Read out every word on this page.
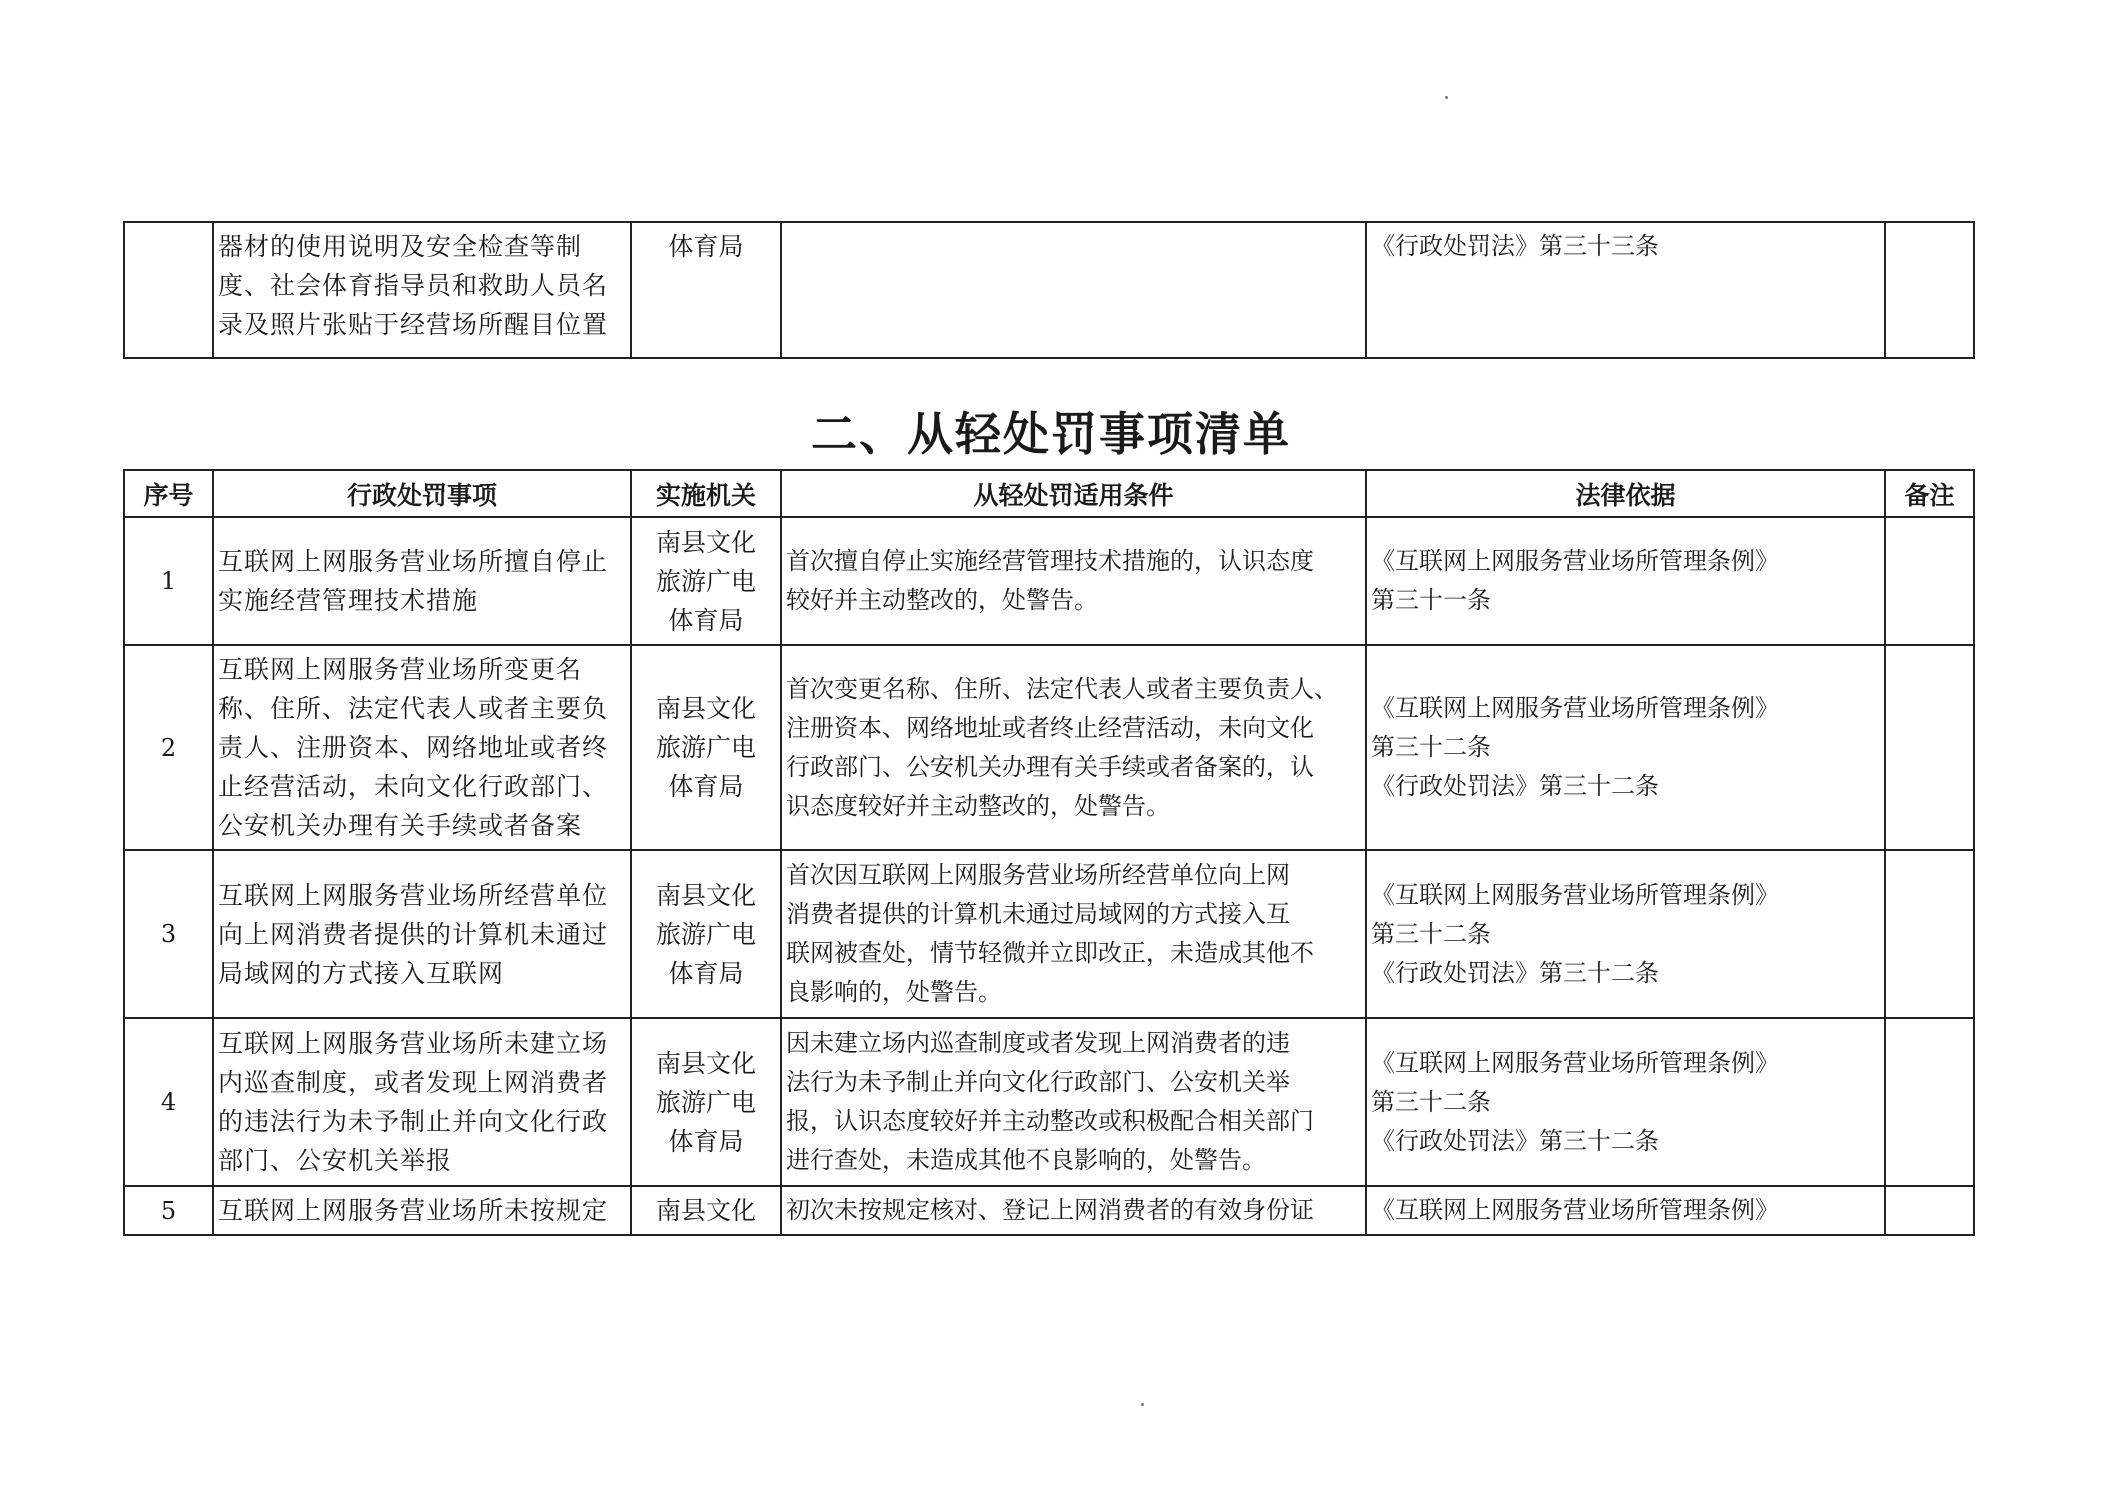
器材的使用说明及安全检查等制
度、社会体育指导员和救助人员名
录及照片张贴于经营场所醒目位置
	体育局		《行政处罚法》第三十三条	
二、从轻处罚事项清单
序号	行政处罚事项	实施机关	从轻处罚适用条件	法律依据	备注
1	互联网上网服务营业场所擅自停止
实施经营管理技术措施	南县文化
旅游广电
体育局	首次擅自停止实施经营管理技术措施的，认识态度
较好并主动整改的，处警告。	《互联网上网服务营业场所管理条例》
第三十一条	

2	互联网上网服务营业场所变更名
称、住所、法定代表人或者主要负
责人、注册资本、网络地址或者终
止经营活动，未向文化行政部门、
公安机关办理有关手续或者备案	南县文化
旅游广电
体育局	首次变更名称、住所、法定代表人或者主要负责人、
注册资本、网络地址或者终止经营活动，未向文化
行政部门、公安机关办理有关手续或者备案的，认
识态度较好并主动整改的，处警告。	《互联网上网服务营业场所管理条例》
第三十二条
《行政处罚法》第三十二条	

3	互联网上网服务营业场所经营单位
向上网消费者提供的计算机未通过
局域网的方式接入互联网	南县文化
旅游广电
体育局	首次因互联网上网服务营业场所经营单位向上网
消费者提供的计算机未通过局域网的方式接入互
联网被查处，情节轻微并立即改正，未造成其他不
良影响的，处警告。	《互联网上网服务营业场所管理条例》
第三十二条
《行政处罚法》第三十二条	

4	互联网上网服务营业场所未建立场
内巡查制度，或者发现上网消费者
的违法行为未予制止并向文化行政
部门、公安机关举报	南县文化
旅游广电
体育局	因未建立场内巡查制度或者发现上网消费者的违
法行为未予制止并向文化行政部门、公安机关举
报，认识态度较好并主动整改或积极配合相关部门
进行查处，未造成其他不良影响的，处警告。	《互联网上网服务营业场所管理条例》
第三十二条
《行政处罚法》第三十二条	

5	互联网上网服务营业场所未按规定	南县文化	初次未按规定核对、登记上网消费者的有效身份证	《互联网上网服务营业场所管理条例》	
